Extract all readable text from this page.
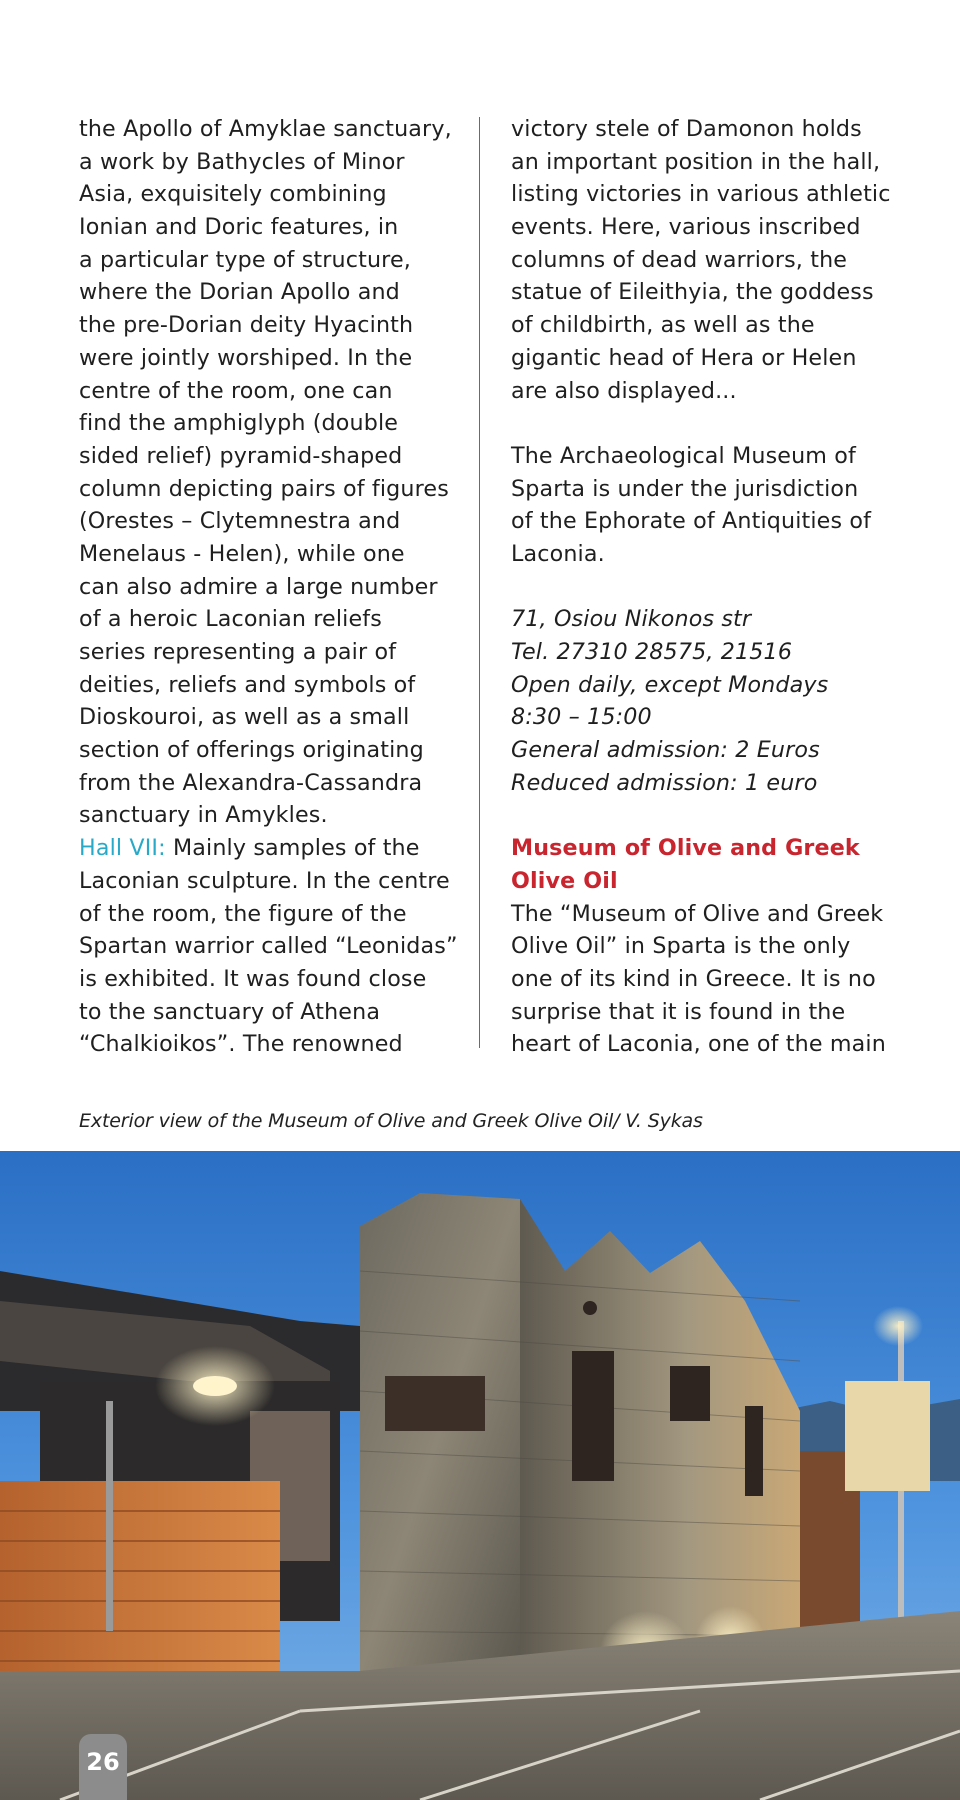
the Apollo of Amyklae sanctuary,
a work by Bathycles of Minor
Asia, exquisitely combining
Ionian and Doric features, in
a particular type of structure,
where the Dorian Apollo and
the pre-Dorian deity Hyacinth
were jointly worshiped. In the
centre of the room, one can
find the amphiglyph (double
sided relief) pyramid-shaped
column depicting pairs of figures
(Orestes – Clytemnestra and
Menelaus - Helen), while one
can also admire a large number
of a heroic Laconian reliefs
series representing a pair of
deities, reliefs and symbols of
Dioskouroi, as well as a small
section of offerings originating
from the Alexandra-Cassandra
sanctuary in Amykles.
Hall VII: Mainly samples of the
Laconian sculpture. In the centre
of the room, the figure of the
Spartan warrior called “Leonidas”
is exhibited. It was found close
to the sanctuary of Athena
“Chalkioikos”. The renowned
victory stele of Damonon holds
an important position in the hall,
listing victories in various athletic
events. Here, various inscribed
columns of dead warriors, the
statue of Eileithyia, the goddess
of childbirth, as well as the
gigantic head of Hera or Helen
are also displayed...
The Archaeological Museum of
Sparta is under the jurisdiction
of the Ephorate of Antiquities of
Laconia.
71, Osiou Nikonos str
Tel. 27310 28575, 21516
Open daily, except Mondays
8:30 – 15:00
General admission: 2 Euros
Reduced admission: 1 euro
Museum of Olive and Greek
Olive Oil
The “Museum of Olive and Greek
Olive Oil” in Sparta is the only
one of its kind in Greece. It is no
surprise that it is found in the
heart of Laconia, one of the main
Exterior view of the Museum of Olive and Greek Olive Oil/ V. Sykas
26
